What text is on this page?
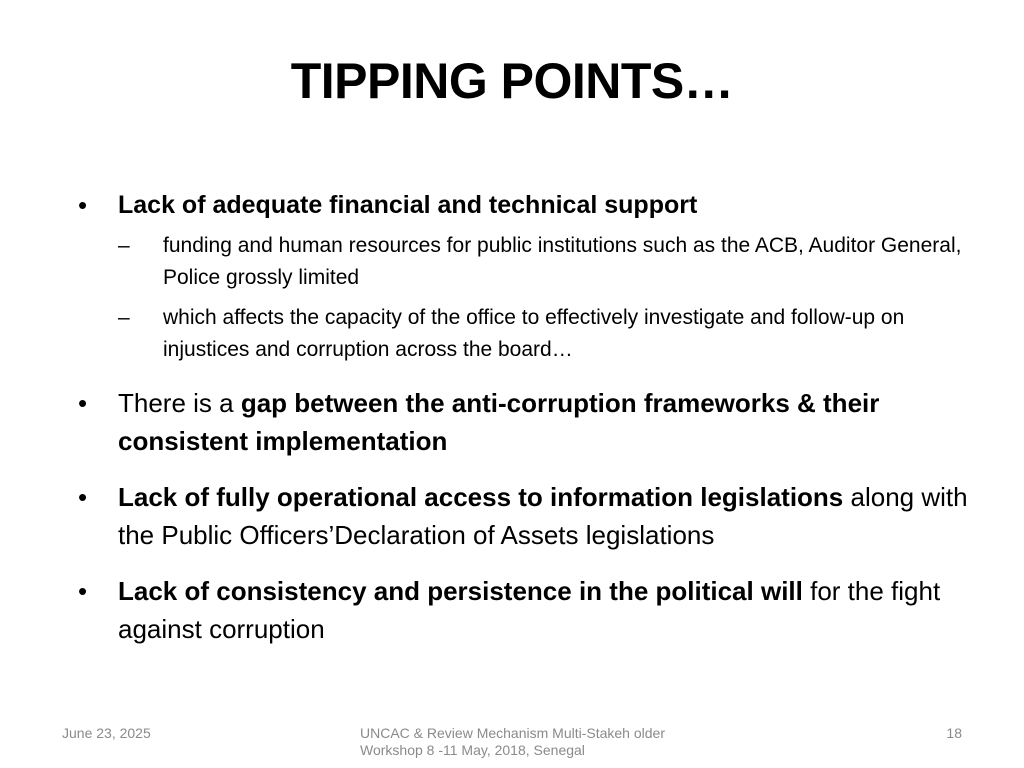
TIPPING POINTS…
• Lack of adequate financial and technical support
– funding and human resources for public institutions such as the ACB, Auditor General, Police grossly limited
– which affects the capacity of the office to effectively investigate and follow-up on injustices and corruption across the board…
• There is a gap between the anti-corruption frameworks & their consistent implementation
• Lack of fully operational access to information legislations along with the Public Officers’Declaration of Assets legislations
• Lack of consistency and persistence in the political will for the fight against corruption
June 23, 2025	UNCAC & Review Mechanism Multi-Stakeh older Workshop 8 -11 May, 2018, Senegal
18
